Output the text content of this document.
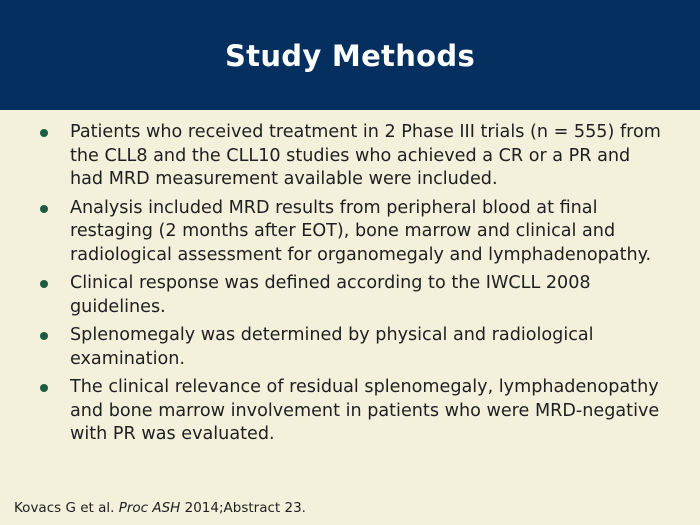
Study Methods
Patients who received treatment in 2 Phase III trials (n = 555) from the CLL8 and the CLL10 studies who achieved a CR or a PR and had MRD measurement available were included.
Analysis included MRD results from peripheral blood at final restaging (2 months after EOT), bone marrow and clinical and radiological assessment for organomegaly and lymphadenopathy.
Clinical response was defined according to the IWCLL 2008 guidelines.
Splenomegaly was determined by physical and radiological examination.
The clinical relevance of residual splenomegaly, lymphadenopathy and bone marrow involvement in patients who were MRD-negative with PR was evaluated.
Kovacs G et al. Proc ASH 2014;Abstract 23.
